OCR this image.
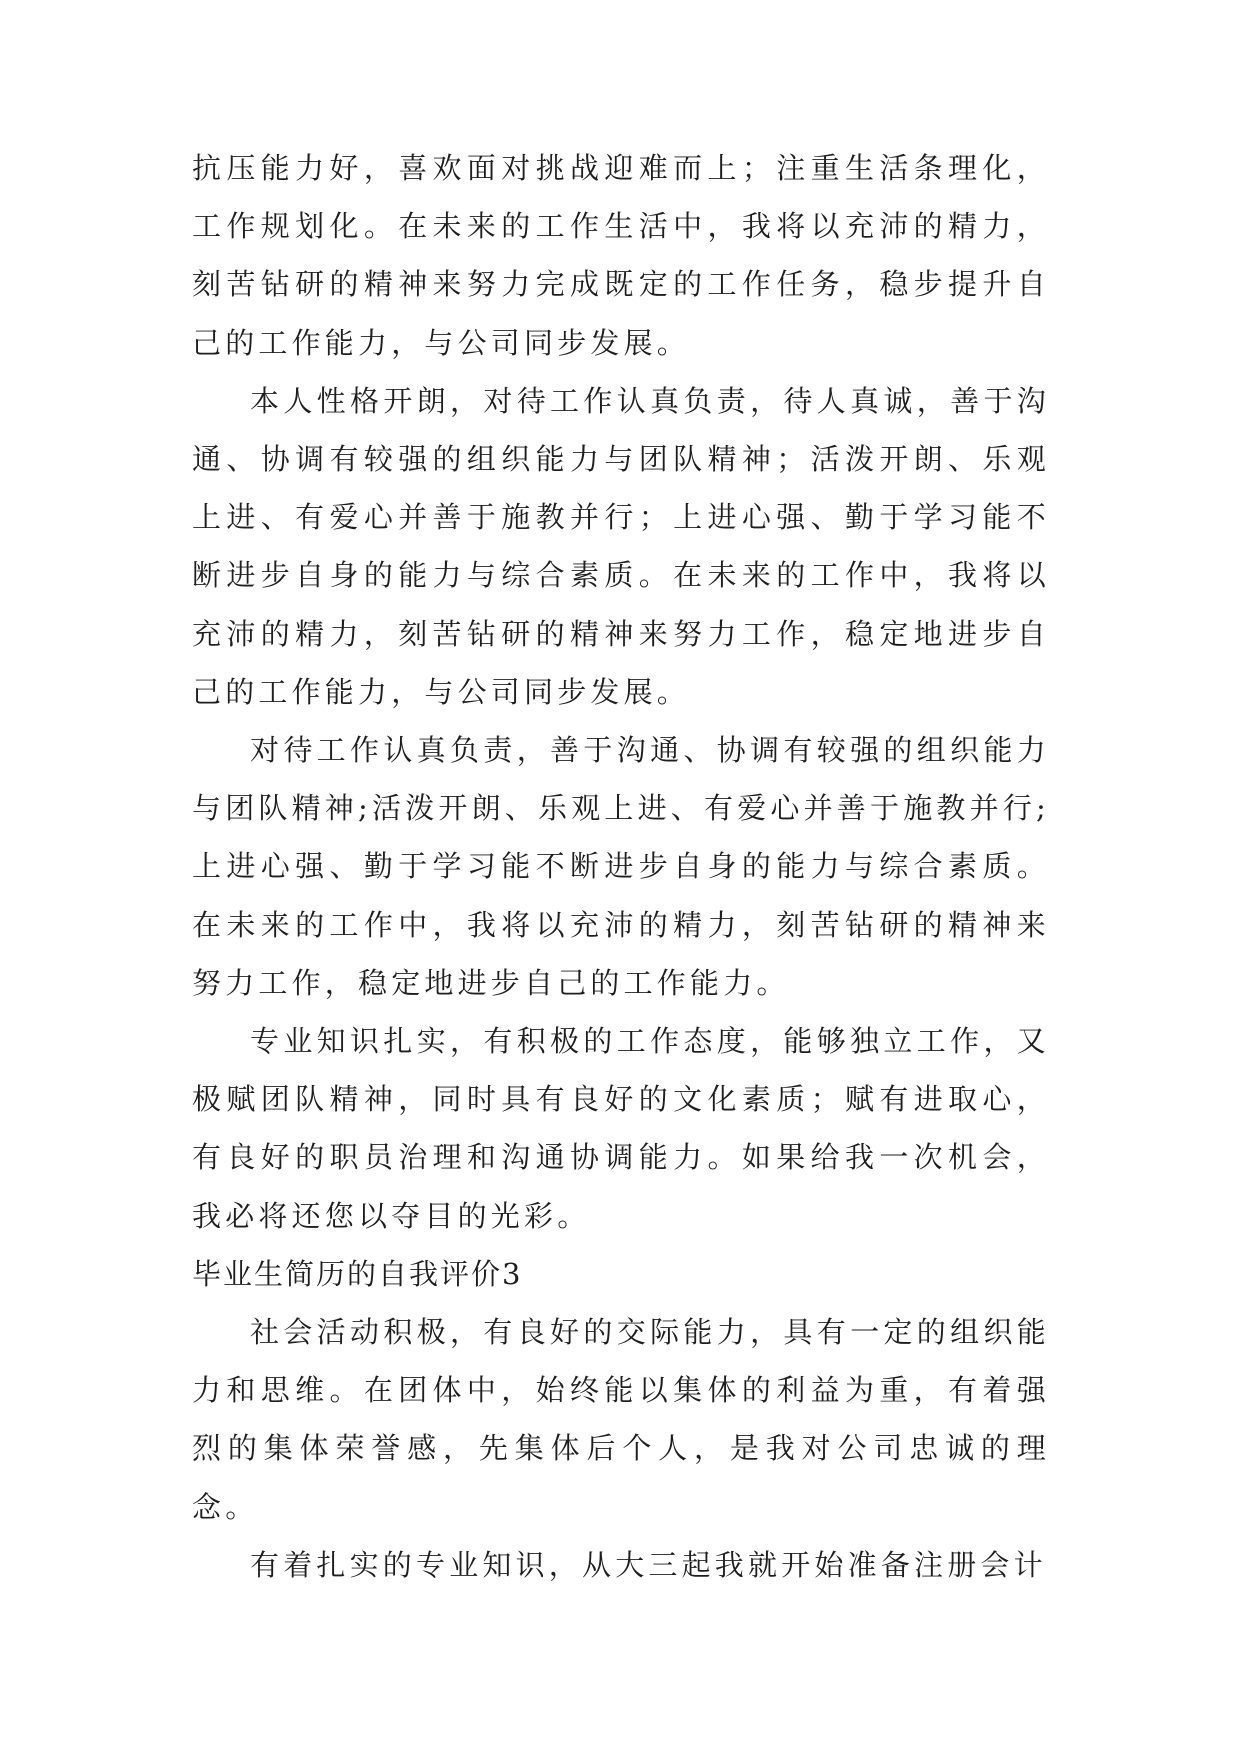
抗压能力好，喜欢面对挑战迎难而上；注重生活条理化，工作规划化。在未来的工作生活中，我将以充沛的精力，刻苦钻研的精神来努力完成既定的工作任务，稳步提升自己的工作能力，与公司同步发展。

本人性格开朗，对待工作认真负责，待人真诚，善于沟通、协调有较强的组织能力与团队精神；活泼开朗、乐观上进、有爱心并善于施教并行；上进心强、勤于学习能不断进步自身的能力与综合素质。在未来的工作中，我将以充沛的精力，刻苦钻研的精神来努力工作，稳定地进步自己的工作能力，与公司同步发展。

对待工作认真负责，善于沟通、协调有较强的组织能力与团队精神;活泼开朗、乐观上进、有爱心并善于施教并行;上进心强、勤于学习能不断进步自身的能力与综合素质。在未来的工作中，我将以充沛的精力，刻苦钻研的精神来努力工作，稳定地进步自己的工作能力。

专业知识扎实，有积极的工作态度，能够独立工作，又极赋团队精神，同时具有良好的文化素质；赋有进取心，有良好的职员治理和沟通协调能力。如果给我一次机会，我必将还您以夺目的光彩。

毕业生简历的自我评价3

社会活动积极，有良好的交际能力，具有一定的组织能力和思维。在团体中，始终能以集体的利益为重，有着强烈的集体荣誉感，先集体后个人，是我对公司忠诚的理念。

有着扎实的专业知识，从大三起我就开始准备注册会计
